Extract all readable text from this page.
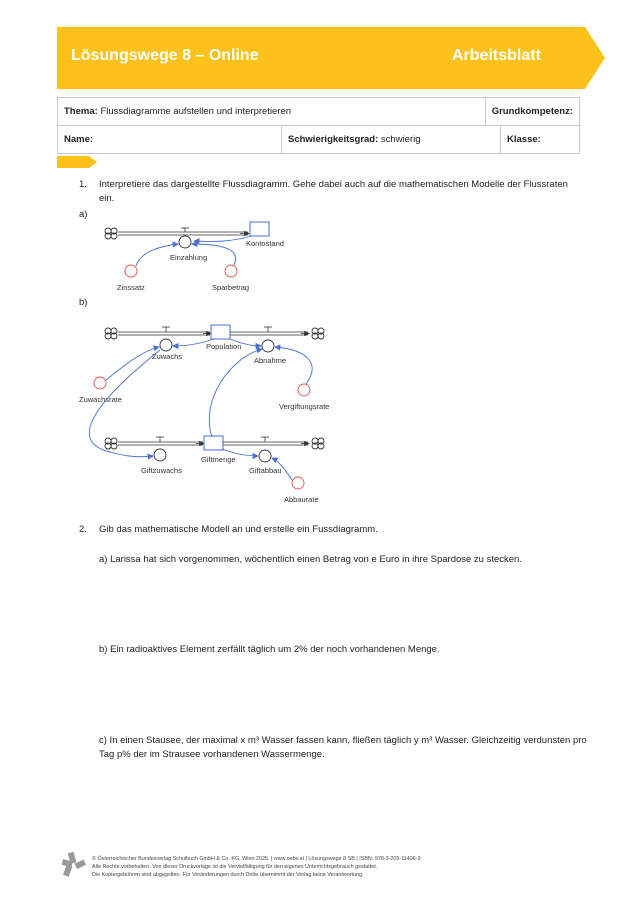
Lösungswege 8 – Online	Arbeitsblatt
Thema: Flussdiagramme aufstellen und interpretieren		Grundkompetenz:	
Name:	Schwierigkeitsgrad: schwierig		Klasse:
1. Interpretiere das dargestellte Flussdiagramm. Gehe dabei auch auf die mathematischen Modelle der Flussraten
ein.
a)
b)
Kontostand
Einzahlung
Zinssatz	Sparbetrag
Population
Zuwachs	Abnahme
Zuwachsrate
Vergiftungsrate
Giftmenge
Giftzuwachs	Giftabbau
Abbaurate
2. Gib das mathematische Modell an und erstelle ein Fussdiagramm.
a) Larissa hat sich vorgenommen, wöchentlich einen Betrag von e Euro in ihre Spardose zu stecken.
b) Ein radioaktives Element zerfällt täglich um 2% der noch vorhandenen Menge.
c) In einen Stausee, der maximal x m³ Wasser fassen kann, fließen täglich y m³ Wasser. Gleichzeitig verdunsten pro
Tag p% der im Strausee vorhandenen Wassermenge.
© Österreichischer Bundesverlag Schulbuch GmbH & Co. KG, Wien 2025. | www.oebv.at | Lösungswege 8 SB | ISBN: 978-3-209-11496-9
Alle Rechte vorbehalten. Von dieser Druckvorlage ist die Vervielfältigung für den eigenen Unterrichtsgebrauch gestattet.
Die Kopiergebühren sind abgegolten. Für Veränderungen durch Dritte übernimmt der Verlag keine Verantwortung.
